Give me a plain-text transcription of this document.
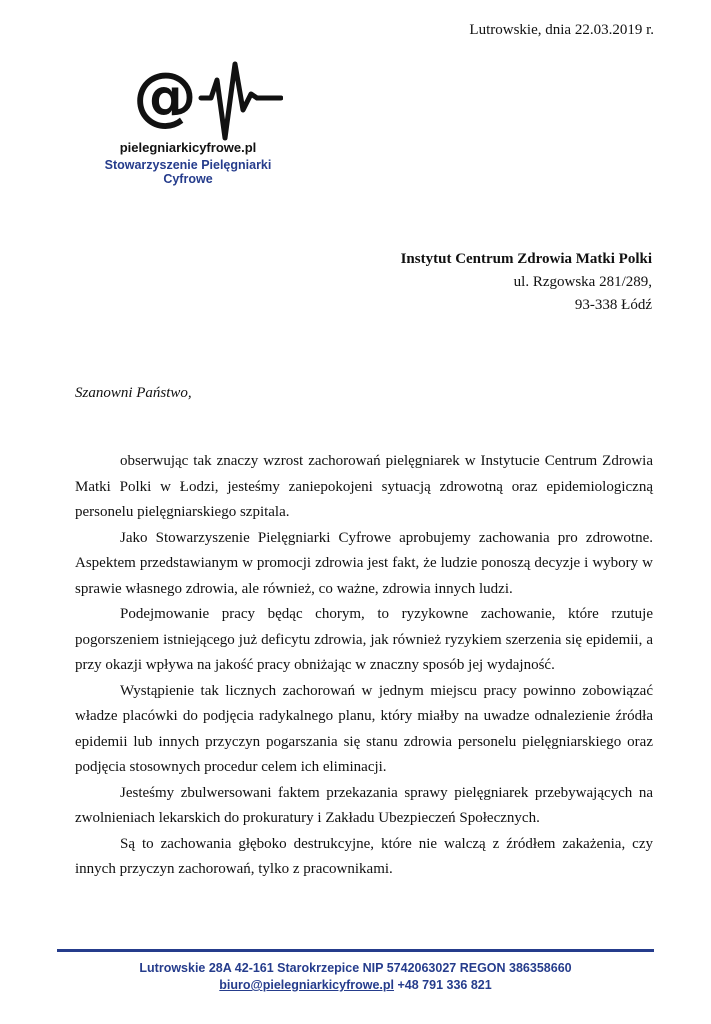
Lutrowskie, dnia 22.03.2019 r.
@
pielegniarkicyfrowe.pl
Stowarzyszenie Pielęgniarki Cyfrowe
Instytut Centrum Zdrowia Matki Polki
ul. Rzgowska 281/289,
93-338 Łódź
Szanowni Państwo,

obserwując tak znaczy wzrost zachorowań pielęgniarek w Instytucie Centrum Zdrowia Matki Polki w Łodzi, jesteśmy zaniepokojeni sytuacją zdrowotną oraz epidemiologiczną personelu pielęgniarskiego szpitala.

Jako Stowarzyszenie Pielęgniarki Cyfrowe aprobujemy zachowania pro zdrowotne. Aspektem przedstawianym w promocji zdrowia jest fakt, że ludzie ponoszą decyzje i wybory w sprawie własnego zdrowia, ale również, co ważne, zdrowia innych ludzi.

Podejmowanie pracy będąc chorym, to ryzykowne zachowanie, które rzutuje pogorszeniem istniejącego już deficytu zdrowia, jak również ryzykiem szerzenia się epidemii, a przy okazji wpływa na jakość pracy obniżając w znaczny sposób jej wydajność.

Wystąpienie tak licznych zachorowań w jednym miejscu pracy powinno zobowiązać władze placówki do podjęcia radykalnego planu, który miałby na uwadze odnalezienie źródła epidemii lub innych przyczyn pogarszania się stanu zdrowia personelu pielęgniarskiego oraz podjęcia stosownych procedur celem ich eliminacji.

Jesteśmy zbulwersowani faktem przekazania sprawy pielęgniarek przebywających na zwolnieniach lekarskich do prokuratury i Zakładu Ubezpieczeń Społecznych.

Są to zachowania głęboko destrukcyjne, które nie walczą z źródłem zakażenia, czy innych przyczyn zachorowań, tylko z pracownikami.

Lutrowskie 28A 42-161 Starokrzepice NIP 5742063027 REGON 386358660
biuro@pielegniarkicyfrowe.pl +48 791 336 821
